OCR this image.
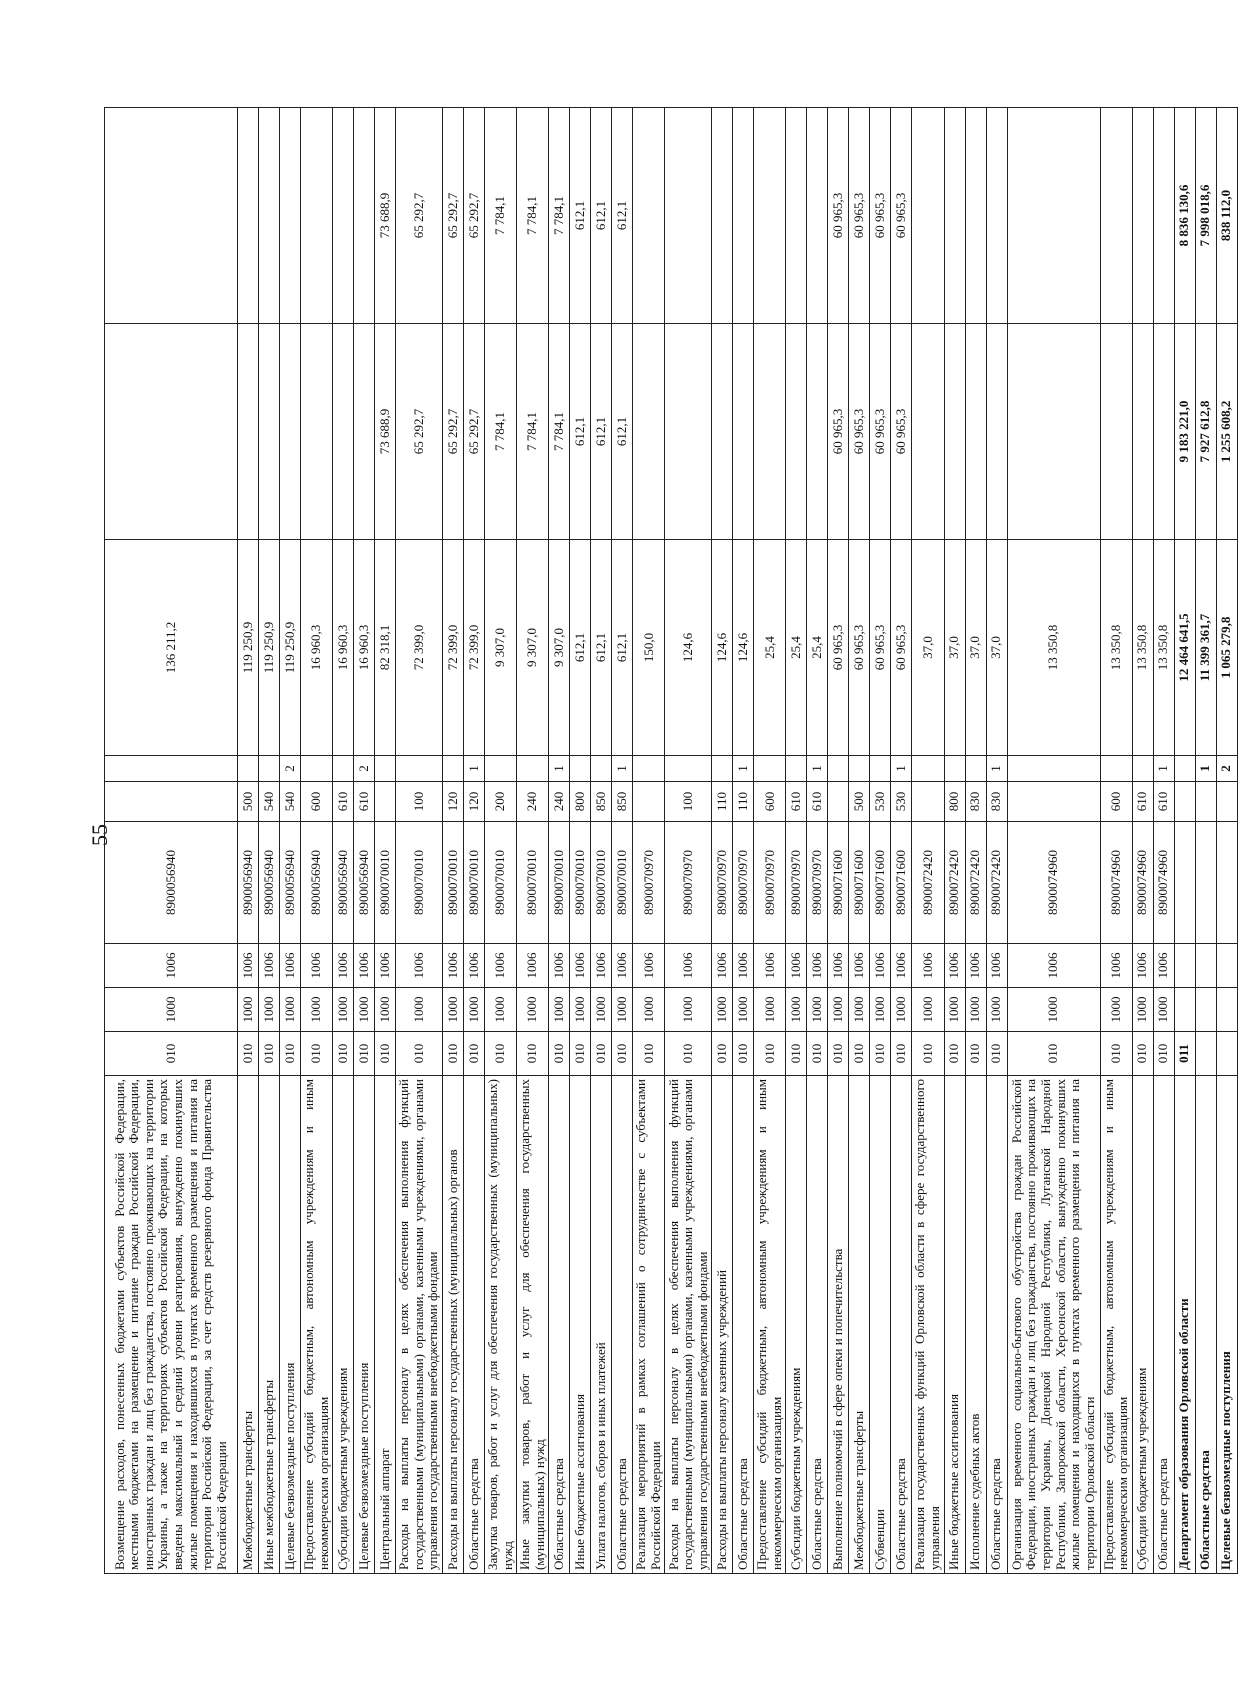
55
Возмещение расходов, понесенных бюджетами субъектов Российской Федерации, местными бюджетами на размещение и питание граждан Российской Федерации, иностранных граждан и лиц без гражданства, постоянно проживающих на территории Украины, а также на территориях субъектов Российской Федерации, на которых введены максимальный и средний уровни реагирования, вынужденно покинувших жилые помещения и находившихся в пунктах временного размещения и питания на территории Российской Федерации, за счет средств резервного фонда Правительства Российской Федерации	010	1000	1006	8900056940			136 211,2		
Межбюджетные трансферты	010	1000	1006	8900056940	500		119 250,9		
Иные межбюджетные трансферты	010	1000	1006	8900056940	540		119 250,9		
Целевые безвозмездные поступления	010	1000	1006	8900056940	540	2	119 250,9		
Предоставление субсидий бюджетным, автономным учреждениям и иным некоммерческим организациям	010	1000	1006	8900056940	600		16 960,3		
Субсидии бюджетным учреждениям	010	1000	1006	8900056940	610		16 960,3		
Целевые безвозмездные поступления	010	1000	1006	8900056940	610	2	16 960,3		
Центральный аппарат	010	1000	1006	8900070010			82 318,1	73 688,9	73 688,9
Расходы на выплаты персоналу в целях обеспечения выполнения функций государственными (муниципальными) органами, казенными учреждениями, органами управления государственными внебюджетными фондами	010	1000	1006	8900070010	100		72 399,0	65 292,7	65 292,7
Расходы на выплаты персоналу государственных (муниципальных) органов	010	1000	1006	8900070010	120		72 399,0	65 292,7	65 292,7
Областные средства	010	1000	1006	8900070010	120	1	72 399,0	65 292,7	65 292,7
Закупка товаров, работ и услуг для обеспечения государственных (муниципальных) нужд	010	1000	1006	8900070010	200		9 307,0	7 784,1	7 784,1
Иные закупки товаров, работ и услуг для обеспечения государственных (муниципальных) нужд	010	1000	1006	8900070010	240		9 307,0	7 784,1	7 784,1
Областные средства	010	1000	1006	8900070010	240	1	9 307,0	7 784,1	7 784,1
Иные бюджетные ассигнования	010	1000	1006	8900070010	800		612,1	612,1	612,1
Уплата налогов, сборов и иных платежей	010	1000	1006	8900070010	850		612,1	612,1	612,1
Областные средства	010	1000	1006	8900070010	850	1	612,1	612,1	612,1
Реализация мероприятий в рамках соглашений о сотрудничестве с субъектами Российской Федерации	010	1000	1006	8900070970			150,0		
Расходы на выплаты персоналу в целях обеспечения выполнения функций государственными (муниципальными) органами, казенными учреждениями, органами управления государственными внебюджетными фондами	010	1000	1006	8900070970	100		124,6		
Расходы на выплаты персоналу казенных учреждений	010	1000	1006	8900070970	110		124,6		
Областные средства	010	1000	1006	8900070970	110	1	124,6		
Предоставление субсидий бюджетным, автономным учреждениям и иным некоммерческим организациям	010	1000	1006	8900070970	600		25,4		
Субсидии бюджетным учреждениям	010	1000	1006	8900070970	610		25,4		
Областные средства	010	1000	1006	8900070970	610	1	25,4		
Выполнение полномочий в сфере опеки и попечительства	010	1000	1006	8900071600			60 965,3	60 965,3	60 965,3
Межбюджетные трансферты	010	1000	1006	8900071600	500		60 965,3	60 965,3	60 965,3
Субвенции	010	1000	1006	8900071600	530		60 965,3	60 965,3	60 965,3
Областные средства	010	1000	1006	8900071600	530	1	60 965,3	60 965,3	60 965,3
Реализация государственных функций Орловской области в сфере государственного управления	010	1000	1006	8900072420			37,0		
Иные бюджетные ассигнования	010	1000	1006	8900072420	800		37,0		
Исполнение судебных актов	010	1000	1006	8900072420	830		37,0		
Областные средства	010	1000	1006	8900072420	830	1	37,0		
Организация временного социально-бытового обустройства граждан Российской Федерации, иностранных граждан и лиц без гражданства, постоянно проживающих на территории Украины, Донецкой Народной Республики, Луганской Народной Республики, Запорожской области, Херсонской области, вынужденно покинувших жилые помещения и находящихся в пунктах временного размещения и питания на территории Орловской области	010	1000	1006	8900074960			13 350,8		
Предоставление субсидий бюджетным, автономным учреждениям и иным некоммерческим организациям	010	1000	1006	8900074960	600		13 350,8		
Субсидии бюджетным учреждениям	010	1000	1006	8900074960	610		13 350,8		
Областные средства	010	1000	1006	8900074960	610	1	13 350,8		
Департамент образования Орловской области	011						12 464 641,5	9 183 221,0	8 836 130,6
Областные средства						1	11 399 361,7	7 927 612,8	7 998 018,6
Целевые безвозмездные поступления						2	1 065 279,8	1 255 608,2	838 112,0
